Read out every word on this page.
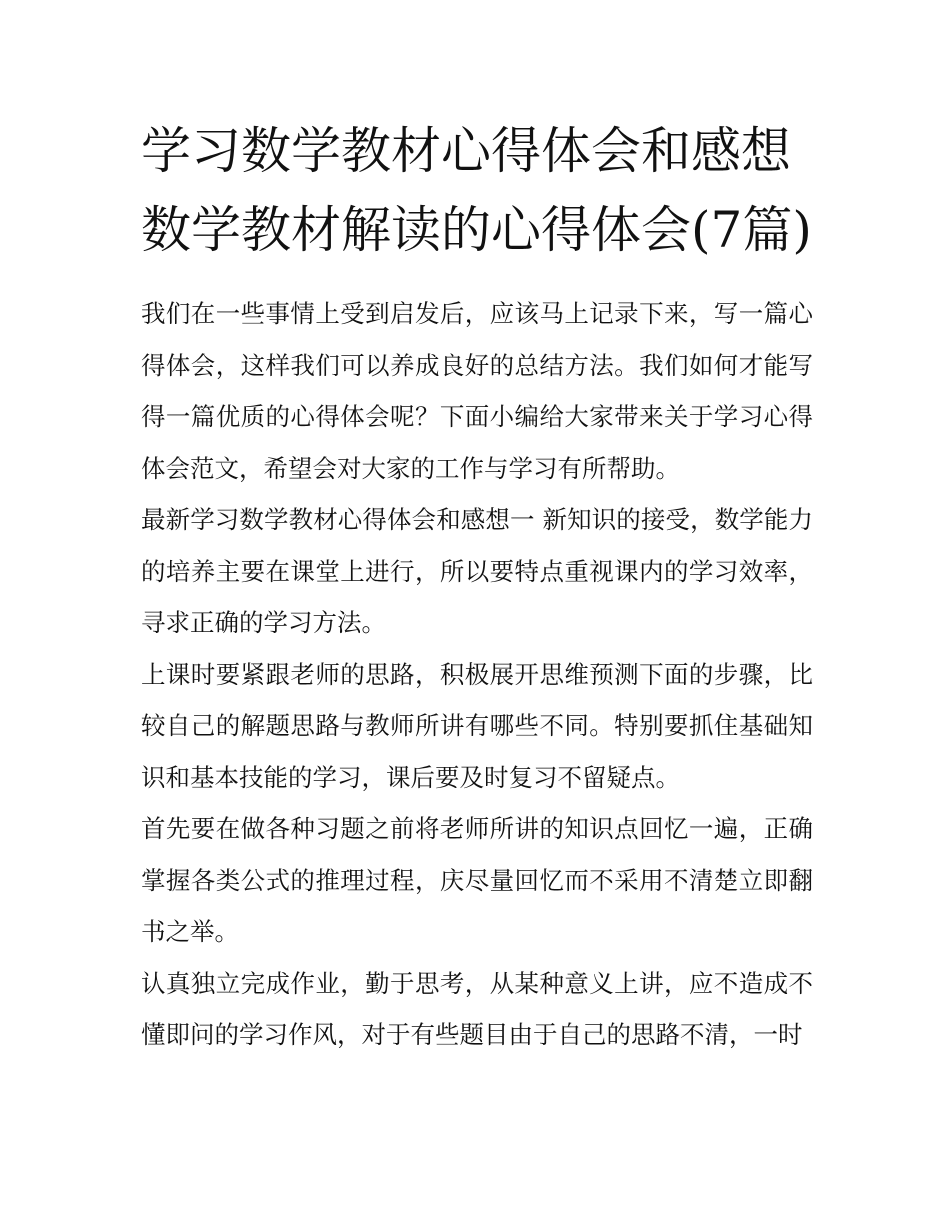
学习数学教材心得体会和感想数学教材解读的心得体会(7篇)

我们在一些事情上受到启发后，应该马上记录下来，写一篇心得体会，这样我们可以养成良好的总结方法。我们如何才能写得一篇优质的心得体会呢？下面小编给大家带来关于学习心得体会范文，希望会对大家的工作与学习有所帮助。

最新学习数学教材心得体会和感想一 新知识的接受，数学能力的培养主要在课堂上进行，所以要特点重视课内的学习效率，寻求正确的学习方法。

上课时要紧跟老师的思路，积极展开思维预测下面的步骤，比较自己的解题思路与教师所讲有哪些不同。特别要抓住基础知识和基本技能的学习，课后要及时复习不留疑点。

首先要在做各种习题之前将老师所讲的知识点回忆一遍，正确掌握各类公式的推理过程，庆尽量回忆而不采用不清楚立即翻书之举。

认真独立完成作业，勤于思考，从某种意义上讲，应不造成不懂即问的学习作风，对于有些题目由于自己的思路不清，一时
